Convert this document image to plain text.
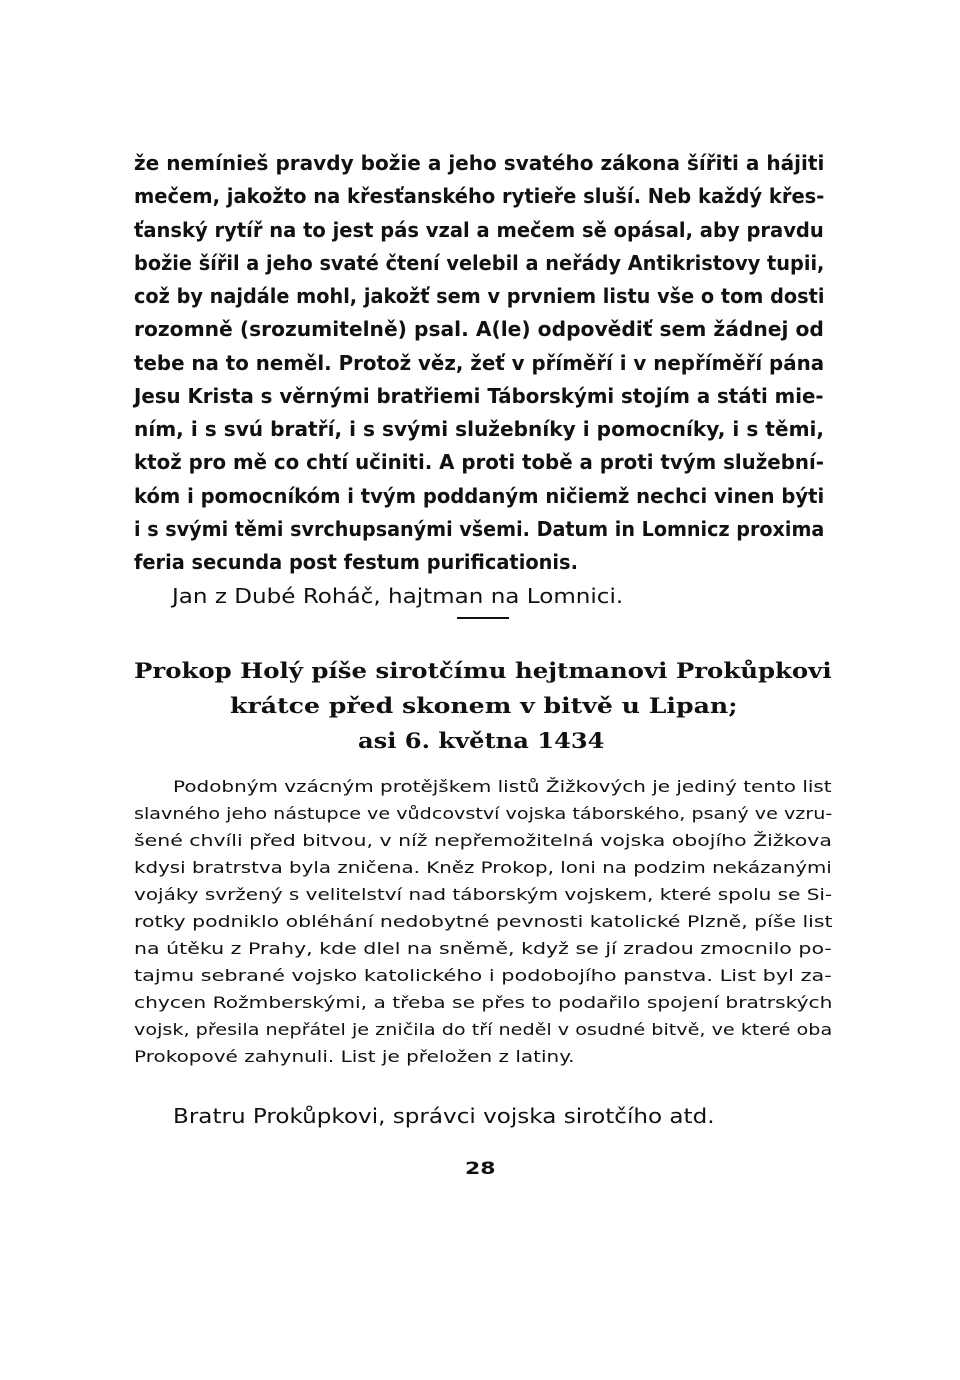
že nemínieš pravdy božie a jeho svatého zákona šířiti a hájiti
mečem, jakožto na křesťanského rytieře sluší. Neb každý křes-
ťanský rytíř na to jest pás vzal a mečem sě opásal, aby pravdu
božie šířil a jeho svaté čtení velebil a neřády Antikristovy tupii,
což by najdále mohl, jakožť sem v prvniem listu vše o tom dosti
rozomně (srozumitelně) psal. A(le) odpovědiť sem žádnej od
tebe na to neměl. Protož věz, žeť v příměří i v nepříměří pána
Jesu Krista s věrnými bratřiemi Táborskými stojím a státi mie-
ním, i s svú bratří, i s svými služebníky i pomocníky, i s těmi,
ktož pro mě co chtí učiniti. A proti tobě a proti tvým služební-
kóm i pomocníkóm i tvým poddaným ničiemž nechci vinen býti
i s svými těmi svrchupsanými všemi. Datum in Lomnicz proxima
feria secunda post festum purificationis.
Jan z Dubé Roháč, hajtman na Lomnici.
Prokop Holý píše sirotčímu hejtmanovi Prokůpkovi
krátce před skonem v bitvě u Lipan;
asi 6. května 1434
Podobným vzácným protějškem listů Žižkových je jediný tento list
slavného jeho nástupce ve vůdcovství vojska táborského, psaný ve vzru-
šené chvíli před bitvou, v níž nepřemožitelná vojska obojího Žižkova
kdysi bratrstva byla zničena. Kněz Prokop, loni na podzim nekázanými
vojáky svržený s velitelství nad táborským vojskem, které spolu se Si-
rotky podniklo obléhání nedobytné pevnosti katolické Plzně, píše list
na útěku z Prahy, kde dlel na sněmě, když se jí zradou zmocnilo po-
tajmu sebrané vojsko katolického i podobojího panstva. List byl za-
chycen Rožmberskými, a třeba se přes to podařilo spojení bratrských
vojsk, přesila nepřátel je zničila do tří neděl v osudné bitvě, ve které oba
Prokopové zahynuli. List je přeložen z latiny.
Bratru Prokůpkovi, správci vojska sirotčího atd.
28
